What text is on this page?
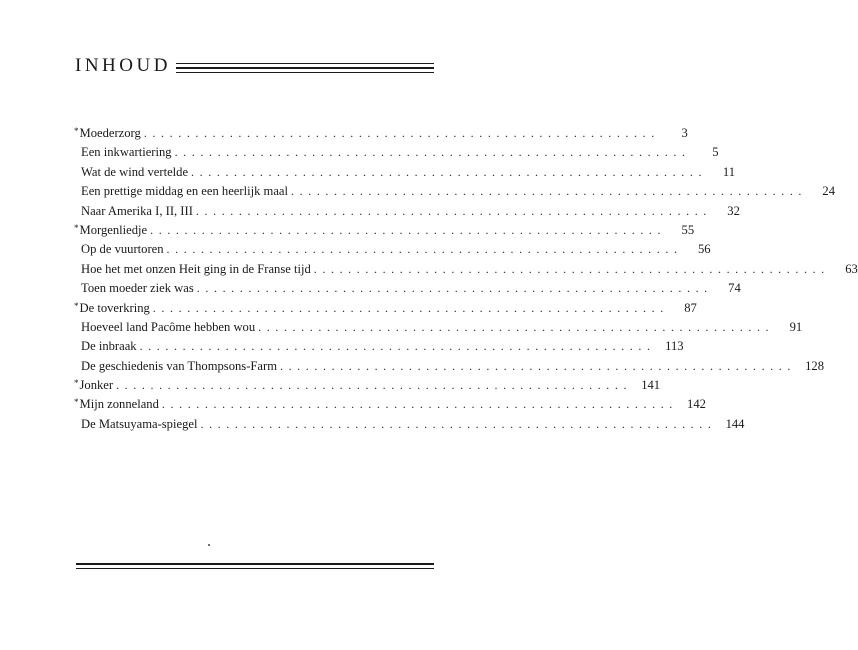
INHOUD
* Moederzorg ............................................................	3
Een inkwartiering ............................................................	5
Wat de wind vertelde ............................................................	11
Een prettige middag en een heerlijk maal ............................................................	24
Naar Amerika I, II, III ............................................................	32
* Morgenliedje ............................................................	55
Op de vuurtoren ............................................................	56
Hoe het met onzen Heit ging in de Franse tijd ............................................................	63
Toen moeder ziek was ............................................................	74
* De toverkring ............................................................	87
Hoeveel land Pacôme hebben wou ............................................................	91
De inbraak ............................................................ 113
De geschiedenis van Thompsons-Farm ............................................................ 128
* Jonker ............................................................ 141
* Mijn zonneland ............................................................ 142
De Matsuyama-spiegel ............................................................ 144
